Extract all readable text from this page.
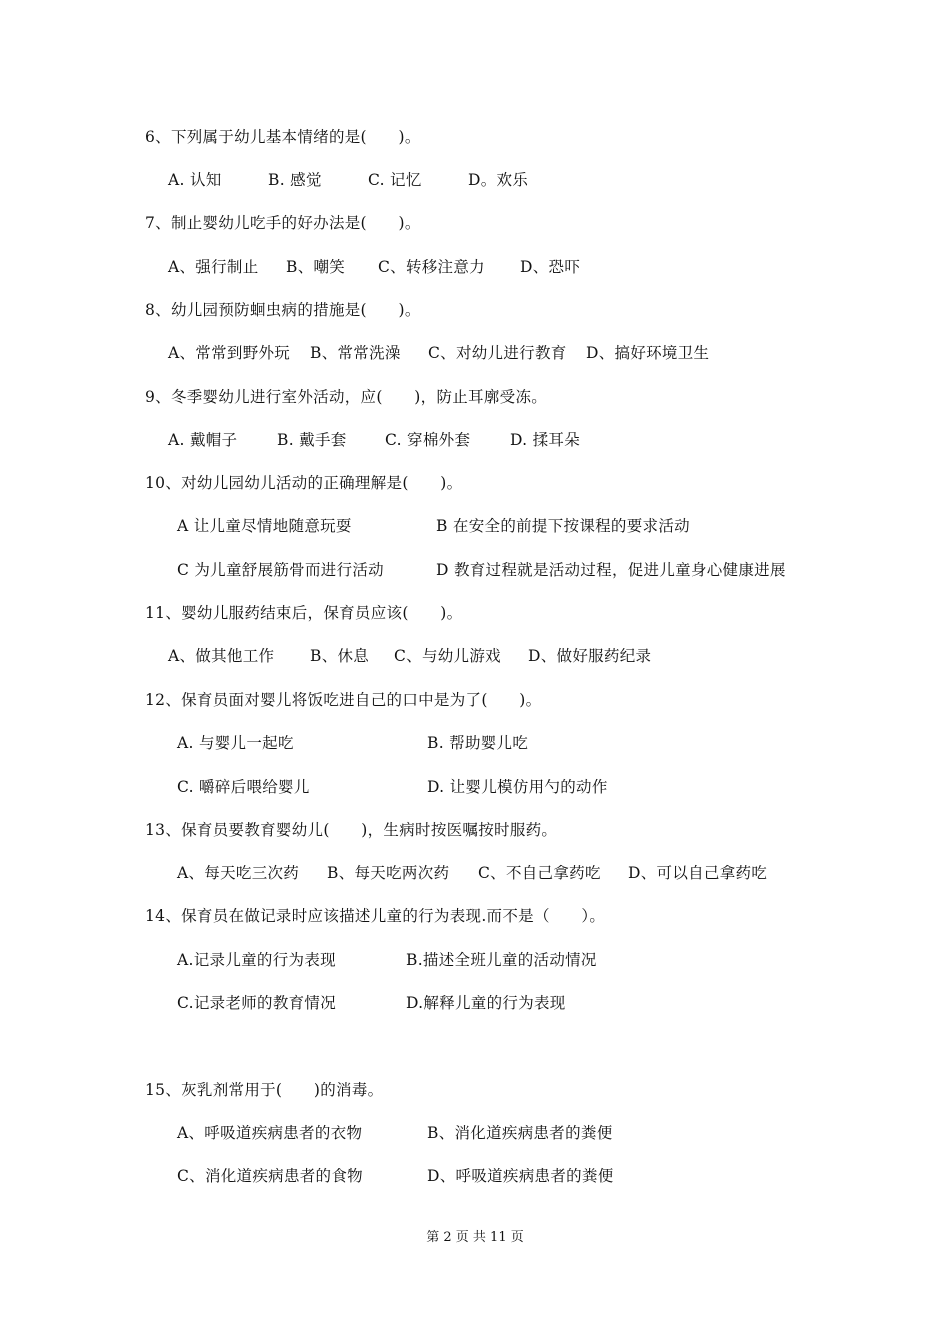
6、下列属于幼儿基本情绪的是(　　)。
A. 认知	B. 感觉	C. 记忆	D。欢乐
7、制止婴幼儿吃手的好办法是(　　)。
A、强行制止 B、嘲笑 C、转移注意力 D、恐吓
8、幼儿园预防蛔虫病的措施是(　　)。
A、常常到野外玩 B、常常洗澡 C、对幼儿进行教育 D、搞好环境卫生
9、冬季婴幼儿进行室外活动，应(　　)，防止耳廓受冻。
A. 戴帽子	B. 戴手套 C. 穿棉外套	D. 揉耳朵
10、对幼儿园幼儿活动的正确理解是(　　)。
A 让儿童尽情地随意玩耍	B 在安全的前提下按课程的要求活动
C 为儿童舒展筋骨而进行活动	D 教育过程就是活动过程，促进儿童身心健康进展
11、婴幼儿服药结束后，保育员应该(　　)。
A、做其他工作 B、休息 C、与幼儿游戏 D、做好服药纪录
12、保育员面对婴儿将饭吃进自己的口中是为了(　　)。
A. 与婴儿一起吃	B. 帮助婴儿吃
C. 嚼碎后喂给婴儿	D. 让婴儿模仿用勺的动作
13、保育员要教育婴幼儿(　　)，生病时按医嘱按时服药。
A、每天吃三次药 B、每天吃两次药 C、不自己拿药吃 D、可以自己拿药吃
14、保育员在做记录时应该描述儿童的行为表现.而不是（　　）。
A.记录儿童的行为表现	B.描述全班儿童的活动情况
C.记录老师的教育情况	D.解释儿童的行为表现
15、灰乳剂常用于(　　)的消毒。
A、呼吸道疾病患者的衣物	B、消化道疾病患者的粪便
C、消化道疾病患者的食物	D、呼吸道疾病患者的粪便
第 2 页 共 11 页
